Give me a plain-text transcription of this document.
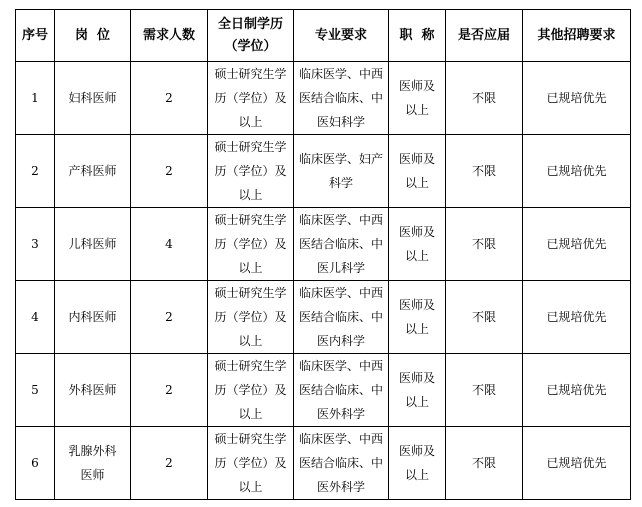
序号	岗  位	需求人数	全日制学历（学位）	专业要求	职  称	是否应届	其他招聘要求
1	妇科医师	2	硕士研究生学历（学位）及以上	临床医学、中西医结合临床、中医妇科学	医师及以上	不限	已规培优先
2	产科医师	2	硕士研究生学历（学位）及以上	临床医学、妇产科学	医师及以上	不限	已规培优先
3	儿科医师	4	硕士研究生学历（学位）及以上	临床医学、中西医结合临床、中医儿科学	医师及以上	不限	已规培优先
4	内科医师	2	硕士研究生学历（学位）及以上	临床医学、中西医结合临床、中医内科学	医师及以上	不限	已规培优先
5	外科医师	2	硕士研究生学历（学位）及以上	临床医学、中西医结合临床、中医外科学	医师及以上	不限	已规培优先
6	乳腺外科医师	2	硕士研究生学历（学位）及以上	临床医学、中西医结合临床、中医外科学	医师及以上	不限	已规培优先
